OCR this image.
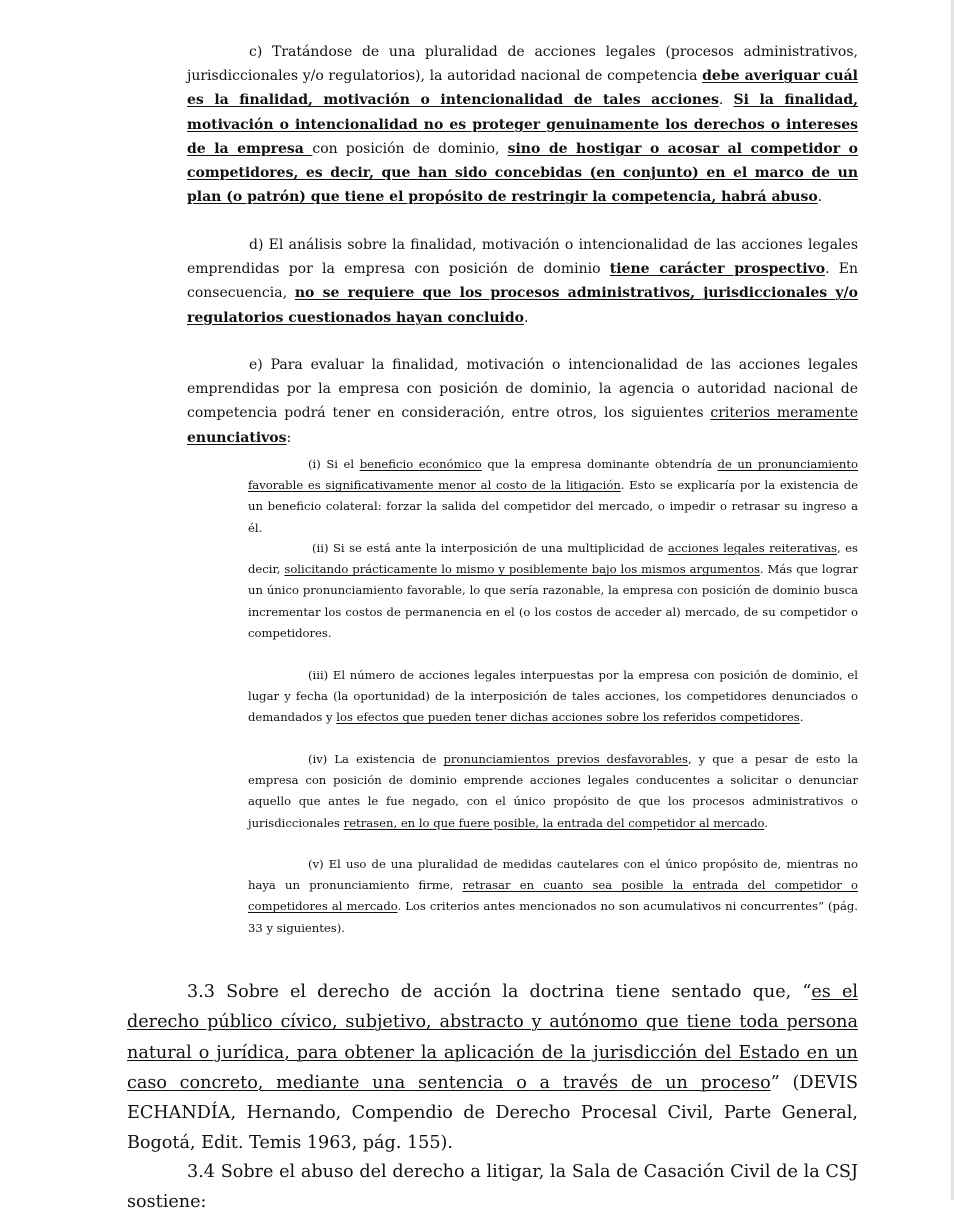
c) Tratándose de una pluralidad de acciones legales (procesos administrativos, jurisdiccionales y/o regulatorios), la autoridad nacional de competencia debe averiguar cuál es la finalidad, motivación o intencionalidad de tales acciones. Si la finalidad, motivación o intencionalidad no es proteger genuinamente los derechos o intereses de la empresa con posición de dominio, sino de hostigar o acosar al competidor o competidores, es decir, que han sido concebidas (en conjunto) en el marco de un plan (o patrón) que tiene el propósito de restringir la competencia, habrá abuso.

d) El análisis sobre la finalidad, motivación o intencionalidad de las acciones legales emprendidas por la empresa con posición de dominio tiene carácter prospectivo. En consecuencia, no se requiere que los procesos administrativos, jurisdiccionales y/o regulatorios cuestionados hayan concluido.

e) Para evaluar la finalidad, motivación o intencionalidad de las acciones legales emprendidas por la empresa con posición de dominio, la agencia o autoridad nacional de competencia podrá tener en consideración, entre otros, los siguientes criterios meramente enunciativos:

(i) Si el beneficio económico que la empresa dominante obtendría de un pronunciamiento favorable es significativamente menor al costo de la litigación. Esto se explicaría por la existencia de un beneficio colateral: forzar la salida del competidor del mercado, o impedir o retrasar su ingreso a él.

(ii) Si se está ante la interposición de una multiplicidad de acciones legales reiterativas, es decir, solicitando prácticamente lo mismo y posiblemente bajo los mismos argumentos. Más que lograr un único pronunciamiento favorable, lo que sería razonable, la empresa con posición de dominio busca incrementar los costos de permanencia en el (o los costos de acceder al) mercado, de su competidor o competidores.

(iii) El número de acciones legales interpuestas por la empresa con posición de dominio, el lugar y fecha (la oportunidad) de la interposición de tales acciones, los competidores denunciados o demandados y los efectos que pueden tener dichas acciones sobre los referidos competidores.

(iv) La existencia de pronunciamientos previos desfavorables, y que a pesar de esto la empresa con posición de dominio emprende acciones legales conducentes a solicitar o denunciar aquello que antes le fue negado, con el único propósito de que los procesos administrativos o jurisdiccionales retrasen, en lo que fuere posible, la entrada del competidor al mercado.

(v) El uso de una pluralidad de medidas cautelares con el único propósito de, mientras no haya un pronunciamiento firme, retrasar en cuanto sea posible la entrada del competidor o competidores al mercado. Los criterios antes mencionados no son acumulativos ni concurrentes” (pág. 33 y siguientes).

3.3 Sobre el derecho de acción la doctrina tiene sentado que, “es el derecho público cívico, subjetivo, abstracto y autónomo que tiene toda persona natural o jurídica, para obtener la aplicación de la jurisdicción del Estado en un caso concreto, mediante una sentencia o a través de un proceso” (DEVIS ECHANDÍA, Hernando, Compendio de Derecho Procesal Civil, Parte General, Bogotá, Edit. Temis 1963, pág. 155).

3.4 Sobre el abuso del derecho a litigar, la Sala de Casación Civil de la CSJ sostiene:
